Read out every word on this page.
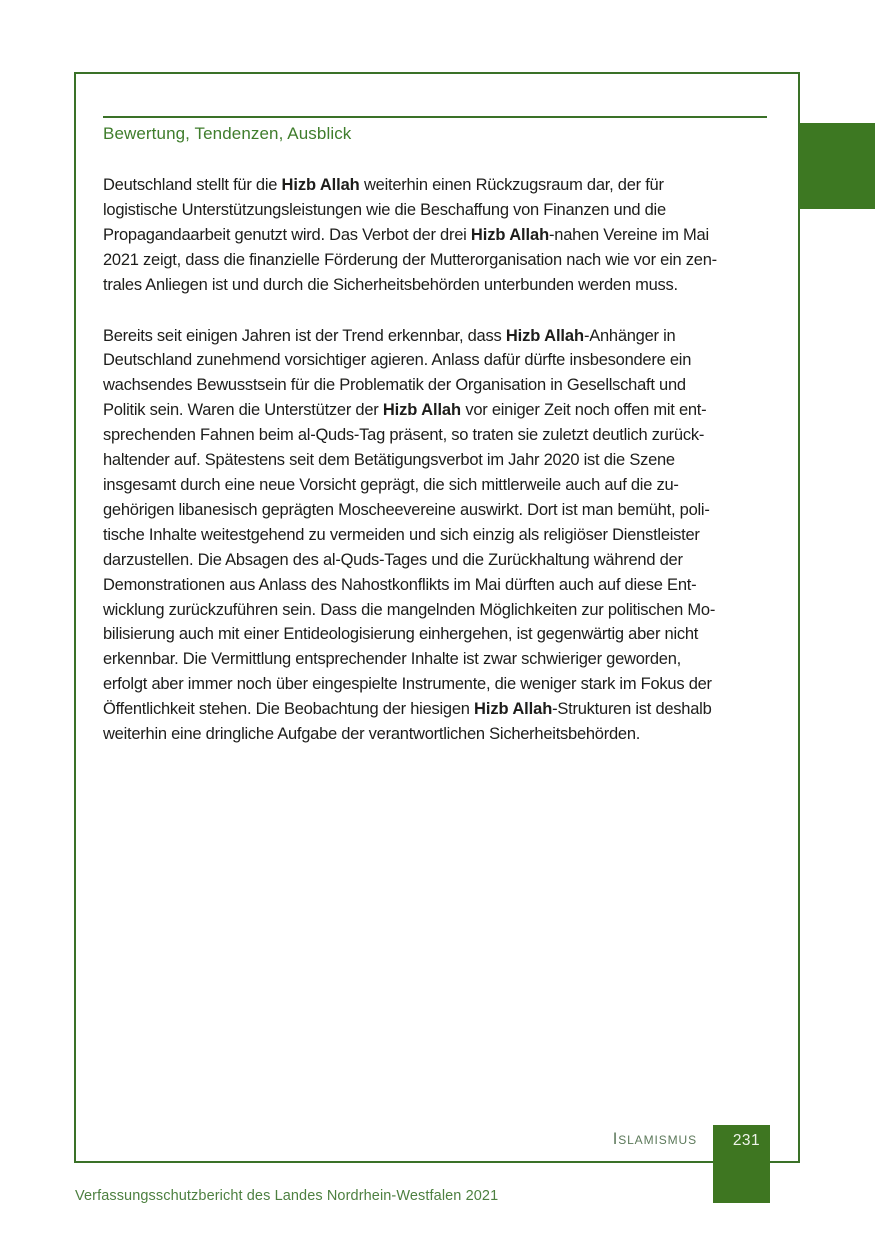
Bewertung, Tendenzen, Ausblick
Deutschland stellt für die Hizb Allah weiterhin einen Rückzugsraum dar, der für
logistische Unterstützungsleistungen wie die Beschaffung von Finanzen und die
Propagandaarbeit genutzt wird. Das Verbot der drei Hizb Allah-nahen Vereine im Mai
2021 zeigt, dass die finanzielle Förderung der Mutterorganisation nach wie vor ein zen-
trales Anliegen ist und durch die Sicherheitsbehörden unterbunden werden muss.
Bereits seit einigen Jahren ist der Trend erkennbar, dass Hizb Allah-Anhänger in
Deutschland zunehmend vorsichtiger agieren. Anlass dafür dürfte insbesondere ein
wachsendes Bewusstsein für die Problematik der Organisation in Gesellschaft und
Politik sein. Waren die Unterstützer der Hizb Allah vor einiger Zeit noch offen mit ent-
sprechenden Fahnen beim al-Quds-Tag präsent, so traten sie zuletzt deutlich zurück-
haltender auf. Spätestens seit dem Betätigungsverbot im Jahr 2020 ist die Szene
insgesamt durch eine neue Vorsicht geprägt, die sich mittlerweile auch auf die zu-
gehörigen libanesisch geprägten Moscheevereine auswirkt. Dort ist man bemüht, poli-
tische Inhalte weitestgehend zu vermeiden und sich einzig als religiöser Dienstleister
darzustellen. Die Absagen des al-Quds-Tages und die Zurückhaltung während der
Demonstrationen aus Anlass des Nahostkonflikts im Mai dürften auch auf diese Ent-
wicklung zurückzuführen sein. Dass die mangelnden Möglichkeiten zur politischen Mo-
bilisierung auch mit einer Entideologisierung einhergehen, ist gegenwärtig aber nicht
erkennbar. Die Vermittlung entsprechender Inhalte ist zwar schwieriger geworden,
erfolgt aber immer noch über eingespielte Instrumente, die weniger stark im Fokus der
Öffentlichkeit stehen. Die Beobachtung der hiesigen Hizb Allah-Strukturen ist deshalb
weiterhin eine dringliche Aufgabe der verantwortlichen Sicherheitsbehörden.
Islamismus	231
Verfassungsschutzbericht des Landes Nordrhein-Westfalen 2021
